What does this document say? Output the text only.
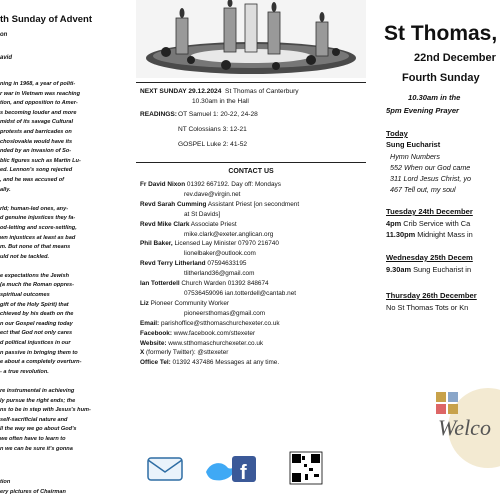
th Sunday of Advent
on
avid
ning in 1968, a year of politi-
r war in Vietnam was reaching
tion, and opposition to Amer-
s becoming louder and more
midst of its savage Cultural
protests and barricades on
choslovakia would have its
nded by an invasion of So-
blic figures such as Martin Lu-
ed. Lennon's song rejected
, and he was accused of
ally.

rld; human-led ones, any-
d genuine injustices they fa-
od-letting and score-settling,
wn injustices at least as bad
m. But none of that means
uld not be tackled.

e expectations the Jewish
(a much the Roman oppres-
spiritual outcomes
gift of the Holy Spirit) that
chieved by his death on the
n our Gospel reading today
ect that God not only cares
d political injustices in our
n passive in bringing them to
e about a completely overturn-
- a true revolution.

re instrumental in achieving
ly pursue the right ends; the
ns to be in step with Jesus's hum-
self-sacrificial nature and
ll the way we go about God's
we often have to learn to
n we can be sure it's gonna
tion
ery pictures of Chairman
NEXT SUNDAY 29.12.2024 St Thomas of Canterbury
10.30am in the Hall
READINGS: OT Samuel 1: 20-22, 24-28
NT Colossians 3: 12-21
GOSPEL Luke 2: 41-52
CONTACT US
Fr David Nixon 01392 667192. Day off: Mondays
rev.dave@virgin.net
Revd Sarah Cumming Assistant Priest [on secondment
at St Davids]
Revd Mike Clark Associate Priest
mike.clark@exeter.anglican.org
Phil Baker, Licensed Lay Minister 07970 216740
lionelbaker@outlook.com
Revd Terry Litherland 07594633195
tlitherland36@gmail.com
Ian Totterdell Church Warden 01392 848674
07536459096 ian.totterdell@cantab.net
Liz Pioneer Community Worker
pioneersthomas@gmail.com
Email: parishoffice@stthomaschurchexeter.co.uk
Facebook: www.facebook.com/sttexeter
Website: www.stthomaschurchexeter.co.uk
X (formerly Twitter): @sttexeter
Office Tel: 01392 437486 Messages at any time.
f
St Thomas,
22nd December
Fourth Sunday
10.30am in the
5pm Evening Prayer
Today
Sung Eucharist
Hymn Numbers
552 When our God came
311 Lord Jesus Christ, yo
467 Tell out, my soul
Tuesday 24th December
4pm Crib Service with Ca
11.30pm Midnight Mass in
Wednesday 25th Decem
9.30am Sung Eucharist in
Thursday 26th December
No St Thomas Tots or Kn
Welco
